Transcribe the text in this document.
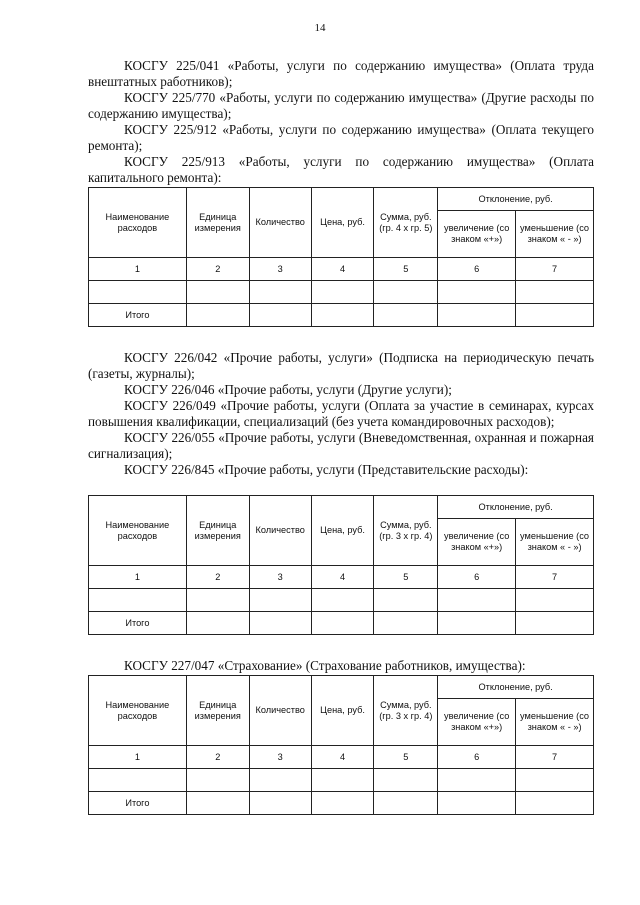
14
КОСГУ 225/041 «Работы, услуги по содержанию имущества» (Оплата труда внештатных работников);
КОСГУ 225/770 «Работы, услуги по содержанию имущества» (Другие расходы по содержанию имущества);
КОСГУ 225/912 «Работы, услуги по содержанию имущества» (Оплата текущего ремонта);
КОСГУ 225/913 «Работы, услуги по содержанию имущества» (Оплата капитального ремонта):
Наименование расходов	Единица измерения	Количество	Цена, руб.	Сумма, руб. (гр. 4 х гр. 5)	Отклонение, руб.	
					увеличение (со знаком «+»)	уменьшение (со знаком « - »)
1	2	3	4	5	6	7

Итого						
КОСГУ 226/042 «Прочие работы, услуги» (Подписка на периодическую печать (газеты, журналы);
КОСГУ 226/046 «Прочие работы, услуги (Другие услуги);
КОСГУ 226/049 «Прочие работы, услуги (Оплата за участие в семинарах, курсах повышения квалификации, специализаций (без учета командировочных расходов);
КОСГУ 226/055 «Прочие работы, услуги (Вневедомственная, охранная и пожарная сигнализация);
КОСГУ 226/845 «Прочие работы, услуги (Представительские расходы):
Наименование расходов	Единица измерения	Количество	Цена, руб.	Сумма, руб. (гр. 3 х гр. 4)	Отклонение, руб.	
					увеличение (со знаком «+»)	уменьшение (со знаком « - »)
1	2	3	4	5	6	7

Итого						
КОСГУ 227/047 «Страхование» (Страхование работников, имущества):
Наименование расходов	Единица измерения	Количество	Цена, руб.	Сумма, руб. (гр. 3 х гр. 4)	Отклонение, руб.	
					увеличение (со знаком «+»)	уменьшение (со знаком « - »)
1	2	3	4	5	6	7

Итого						
